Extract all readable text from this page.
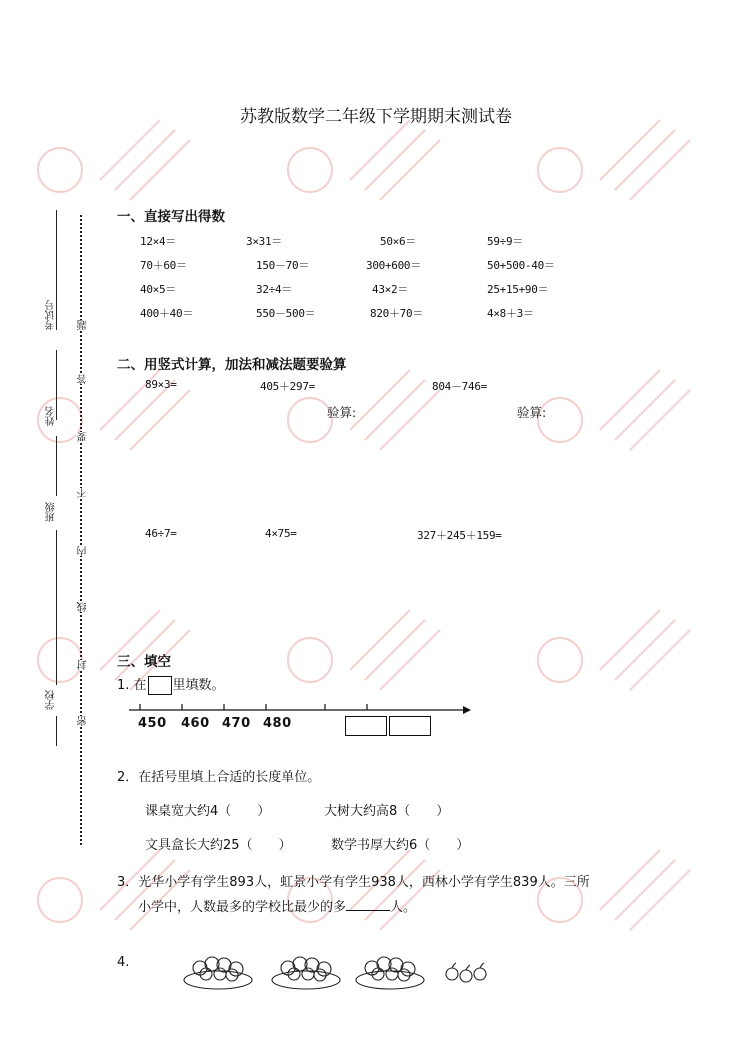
苏教版数学二年级下学期期末测试卷
考试号
姓名
班级
学校
题
答
要
不
内
线
封
密
一、直接写出得数
12×4＝	3×31＝	50×6＝	59÷9＝
70＋60＝	150－70＝	300+600＝	50+500-40＝
40×5＝	32÷4＝	43×2＝	25+15+90＝
400＋40＝	550－500＝	820＋70＝	4×8＋3＝
二、用竖式计算，加法和减法题要验算
89×3=	405＋297=	804－746=
验算:	验算:
46÷7=	4×75=	327＋245＋159=
三、填空
1. 在 里填数。
450 460 470 480
2．在括号里填上合适的长度单位。
课桌宽大约4（　　）	大树大约高8（　　）
文具盒长大约25（　　）	数学书厚大约6（　　）
3．光华小学有学生893人，虹景小学有学生938人，西林小学有学生839人。三所
小学中，人数最多的学校比最少的多	人。
4.
